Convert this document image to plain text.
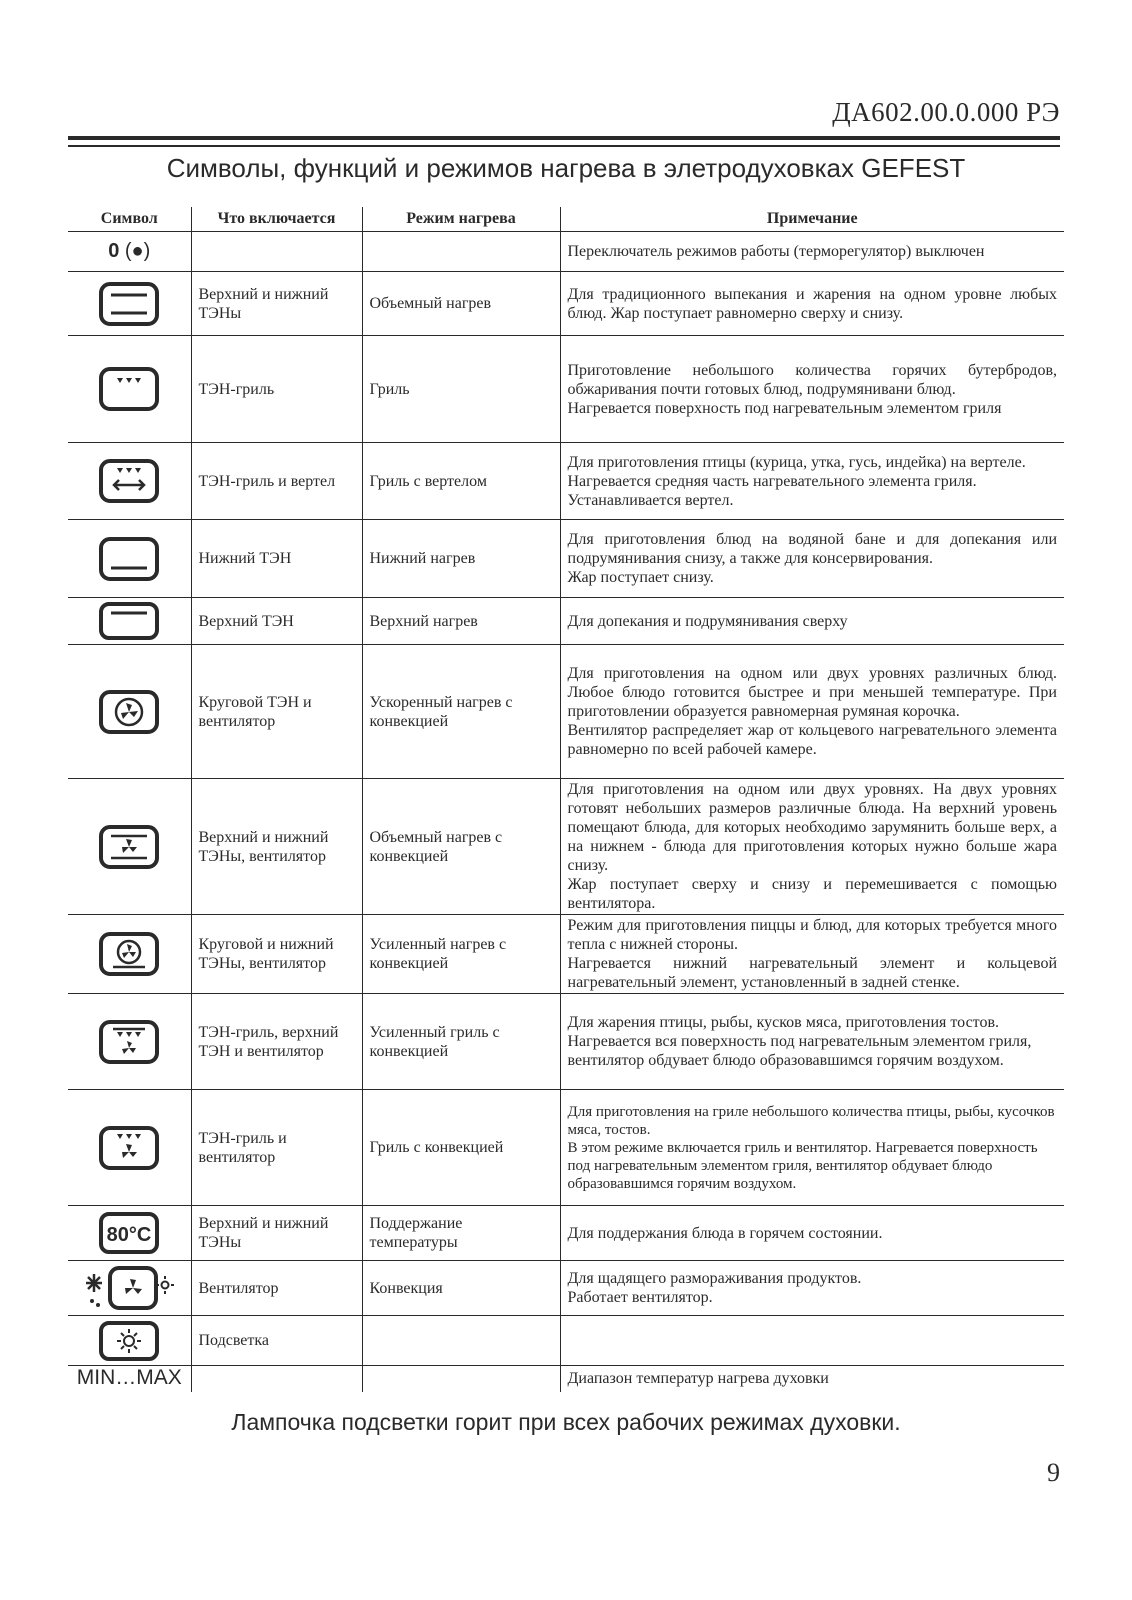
ДА602.00.0.000 РЭ
Символы, функций и режимов нагрева в элетродуховках GEFEST
Символ	Что включается	Режим нагрева	Примечание
0 (●)			Переключатель режимов работы (терморегулятор) выключен
	Верхний и нижний ТЭНы	Объемный нагрев	Для традиционного выпекания и жарения на одном уровне любых блюд. Жар поступает равномерно сверху и снизу.
	ТЭН-гриль	Гриль	Приготовление небольшого количества горячих бутербродов, обжаривания почти готовых блюд, подрумянивани блюд.
Нагревается поверхность под нагревательным элементом гриля

	ТЭН-гриль и вертел	Гриль с вертелом	Для приготовления птицы (курица, утка, гусь, индейка) на вертеле. Нагревается средняя часть нагревательного элемента гриля. Устанавливается вертел.
	Нижний ТЭН	Нижний нагрев	Для приготовления блюд на водяной бане и для допекания или подрумянивания снизу, а также для консервирования.
Жар поступает снизу.

	Верхний ТЭН	Верхний нагрев	Для допекания и подрумянивания сверху
	Круговой ТЭН и вентилятор	Ускоренный нагрев с конвекцией	Для приготовления на одном или двух уровнях различных блюд. Любое блюдо готовится быстрее и при меньшей температуре. При приготовлении образуется равномерная румяная корочка.
Вентилятор распределяет жар от кольцевого нагревательного элемента равномерно по всей рабочей камере.

	Верхний и нижний ТЭНы, вентилятор	Объемный нагрев с конвекцией	Для приготовления на одном или двух уровнях. На двух уровнях готовят небольших размеров различные блюда. На верхний уровень помещают блюда, для которых необходимо зарумянить больше верх, а на нижнем - блюда для приготовления которых нужно больше жара снизу.
Жар поступает сверху и снизу и перемешивается с помощью вентилятора.

	Круговой и нижний ТЭНы, вентилятор	Усиленный нагрев с конвекцией	Режим для приготовления пиццы и блюд, для которых требуется много тепла с нижней стороны.
Нагревается нижний нагревательный элемент и кольцевой нагревательный элемент, установленный в задней стенке.

	ТЭН-гриль, верхний ТЭН и вентилятор	Усиленный гриль с конвекцией	Для жарения птицы, рыбы, кусков мяса, приготовления тостов.
Нагревается вся поверхность под нагревательным элементом гриля, вентилятор обдувает блюдо образовавшимся горячим воздухом.

	ТЭН-гриль и вентилятор	Гриль с конвекцией	Для приготовления на гриле небольшого количества птицы, рыбы, кусочков мяса, тостов.
В этом режиме включается гриль и вентилятор. Нагревается поверхность под нагревательным элементом гриля, вентилятор обдувает блюдо образовавшимся горячим воздухом.

80°C	Верхний и нижний ТЭНы	Поддержание температуры	Для поддержания блюда в горячем состоянии.
	Вентилятор	Конвекция	Для щадящего размораживания продуктов.
Работает вентилятор.

	Подсветка		
MIN…MAX			Диапазон температур нагрева духовки
Лампочка подсветки горит при всех рабочих режимах духовки.
9
